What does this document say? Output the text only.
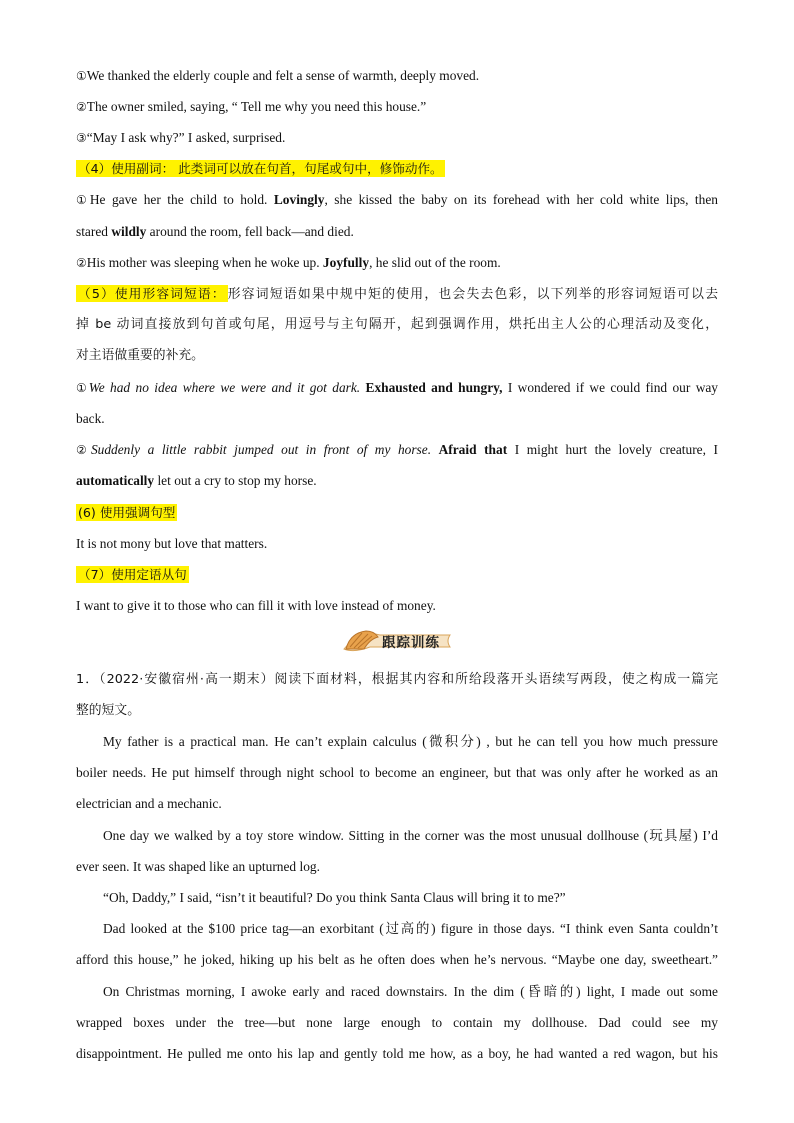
①We thanked the elderly couple and felt a sense of warmth, deeply moved.

②The owner smiled, saying, “ Tell me why you need this house.”

③“May I ask why?” I asked, surprised.

（4）使用副词： 此类词可以放在句首，句尾或句中，修饰动作。

①He gave her the child to hold. Lovingly, she kissed the baby on its forehead with her cold white lips, then

stared wildly around the room, fell back—and died.

②His mother was sleeping when he woke up. Joyfully, he slid out of the room.

（5）使用形容词短语： 形容词短语如果中规中矩的使用，也会失去色彩，以下列举的形容词短语可以去

掉 be 动词直接放到句首或句尾，用逗号与主句隔开，起到强调作用，烘托出主人公的心理活动及变化，

对主语做重要的补充。

①We had no idea where we were and it got dark. Exhausted and hungry, I wondered if we could find our way

back.

②Suddenly a little rabbit jumped out in front of my horse. Afraid that I might hurt the lovely creature, I

automatically let out a cry to stop my horse.

(6) 使用强调句型

It is not mony but love that matters.

（7）使用定语从句

I want to give it to those who can fill it with love instead of money.

跟踪训练

1．（2022·安徽宿州·高一期末）阅读下面材料，根据其内容和所给段落开头语续写两段，使之构成一篇完

整的短文。

My father is a practical man. He can’t explain calculus (微积分) , but he can tell you how much pressure

boiler needs. He put himself through night school to become an engineer, but that was only after he worked as an

electrician and a mechanic.

One day we walked by a toy store window. Sitting in the corner was the most unusual dollhouse (玩具屋) I’d

ever seen. It was shaped like an upturned log.

“Oh, Daddy,” I said, “isn’t it beautiful? Do you think Santa Claus will bring it to me?”

Dad looked at the $100 price tag—an exorbitant (过高的) figure in those days. “I think even Santa couldn’t

afford this house,” he joked, hiking up his belt as he often does when he’s nervous. “Maybe one day, sweetheart.”

On Christmas morning, I awoke early and raced downstairs. In the dim (昏暗的) light, I made out some

wrapped boxes under the tree—but none large enough to contain my dollhouse. Dad could see my

disappointment. He pulled me onto his lap and gently told me how, as a boy, he had wanted a red wagon, but his
